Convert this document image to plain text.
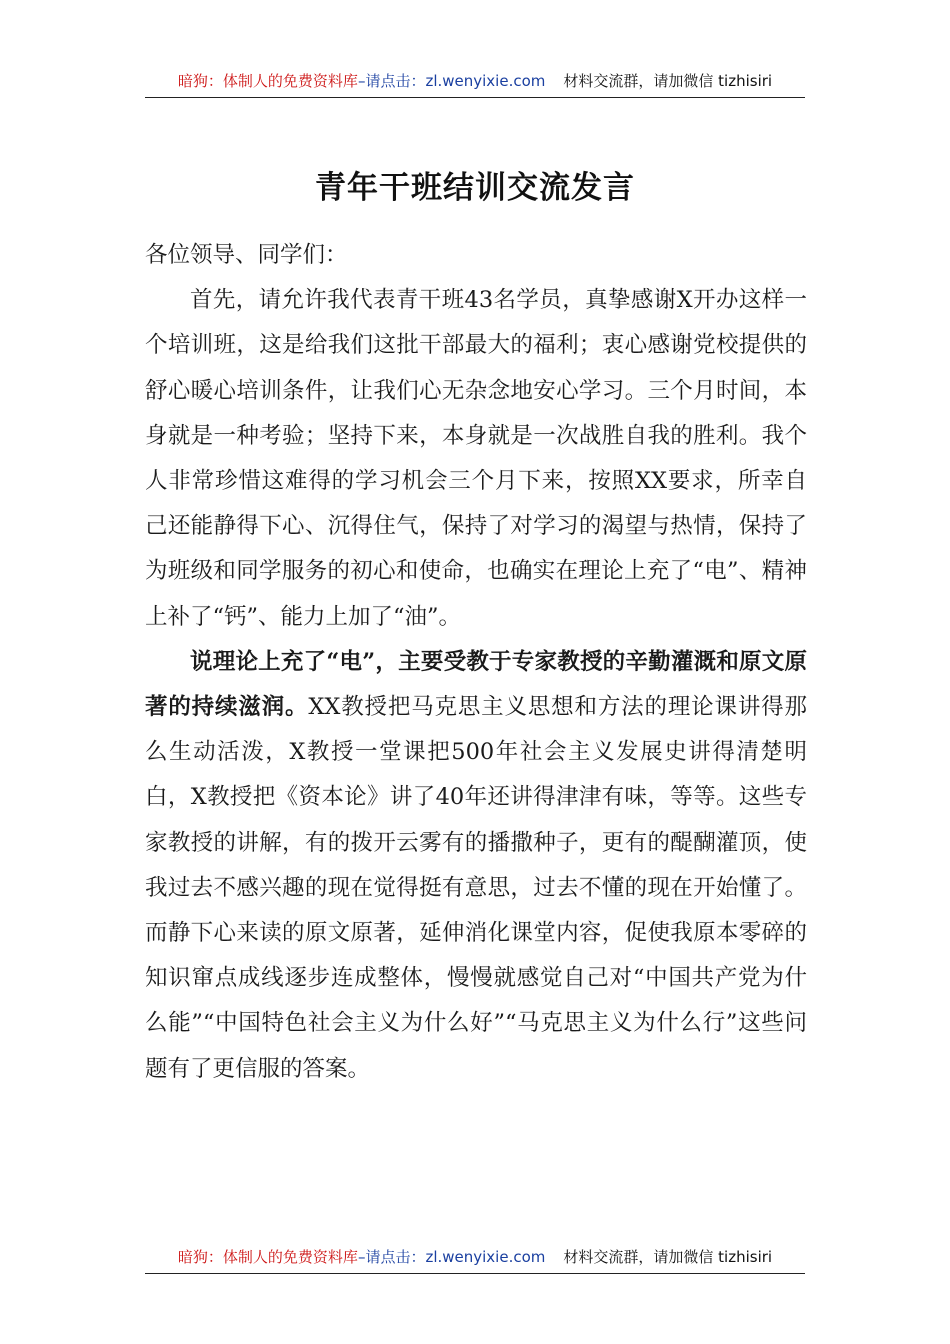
暗狗：体制人的免费资料库 –请点击： zl.wenyixie.com 材料交流群，请加微信 tizhisiri
青年干班结训交流发言

各位领导、同学们：

首先，请允许我代表青干班43名学员，真挚感谢X开办这样一个培训班，这是给我们这批干部最大的福利；衷心感谢党校提供的舒心暖心培训条件，让我们心无杂念地安心学习。三个月时间，本身就是一种考验；坚持下来，本身就是一次战胜自我的胜利。我个人非常珍惜这难得的学习机会三个月下来，按照XX要求，所幸自己还能静得下心、沉得住气，保持了对学习的渴望与热情，保持了为班级和同学服务的初心和使命，也确实在理论上充了“电”、精神上补了“钙”、能力上加了“油”。

说理论上充了“电”，主要受教于专家教授的辛勤灌溉和原文原著的持续滋润。XX教授把马克思主义思想和方法的理论课讲得那么生动活泼，X教授一堂课把500年社会主义发展史讲得清楚明白，X教授把《资本论》讲了40年还讲得津津有味，等等。这些专家教授的讲解，有的拨开云雾有的播撒种子，更有的醍醐灌顶，使我过去不感兴趣的现在觉得挺有意思，过去不懂的现在开始懂了。而静下心来读的原文原著，延伸消化课堂内容，促使我原本零碎的知识窜点成线逐步连成整体，慢慢就感觉自己对“中国共产党为什么能”“中国特色社会主义为什么好”“马克思主义为什么行”这些问题有了更信服的答案。

暗狗：体制人的免费资料库 –请点击： zl.wenyixie.com 材料交流群，请加微信 tizhisiri
